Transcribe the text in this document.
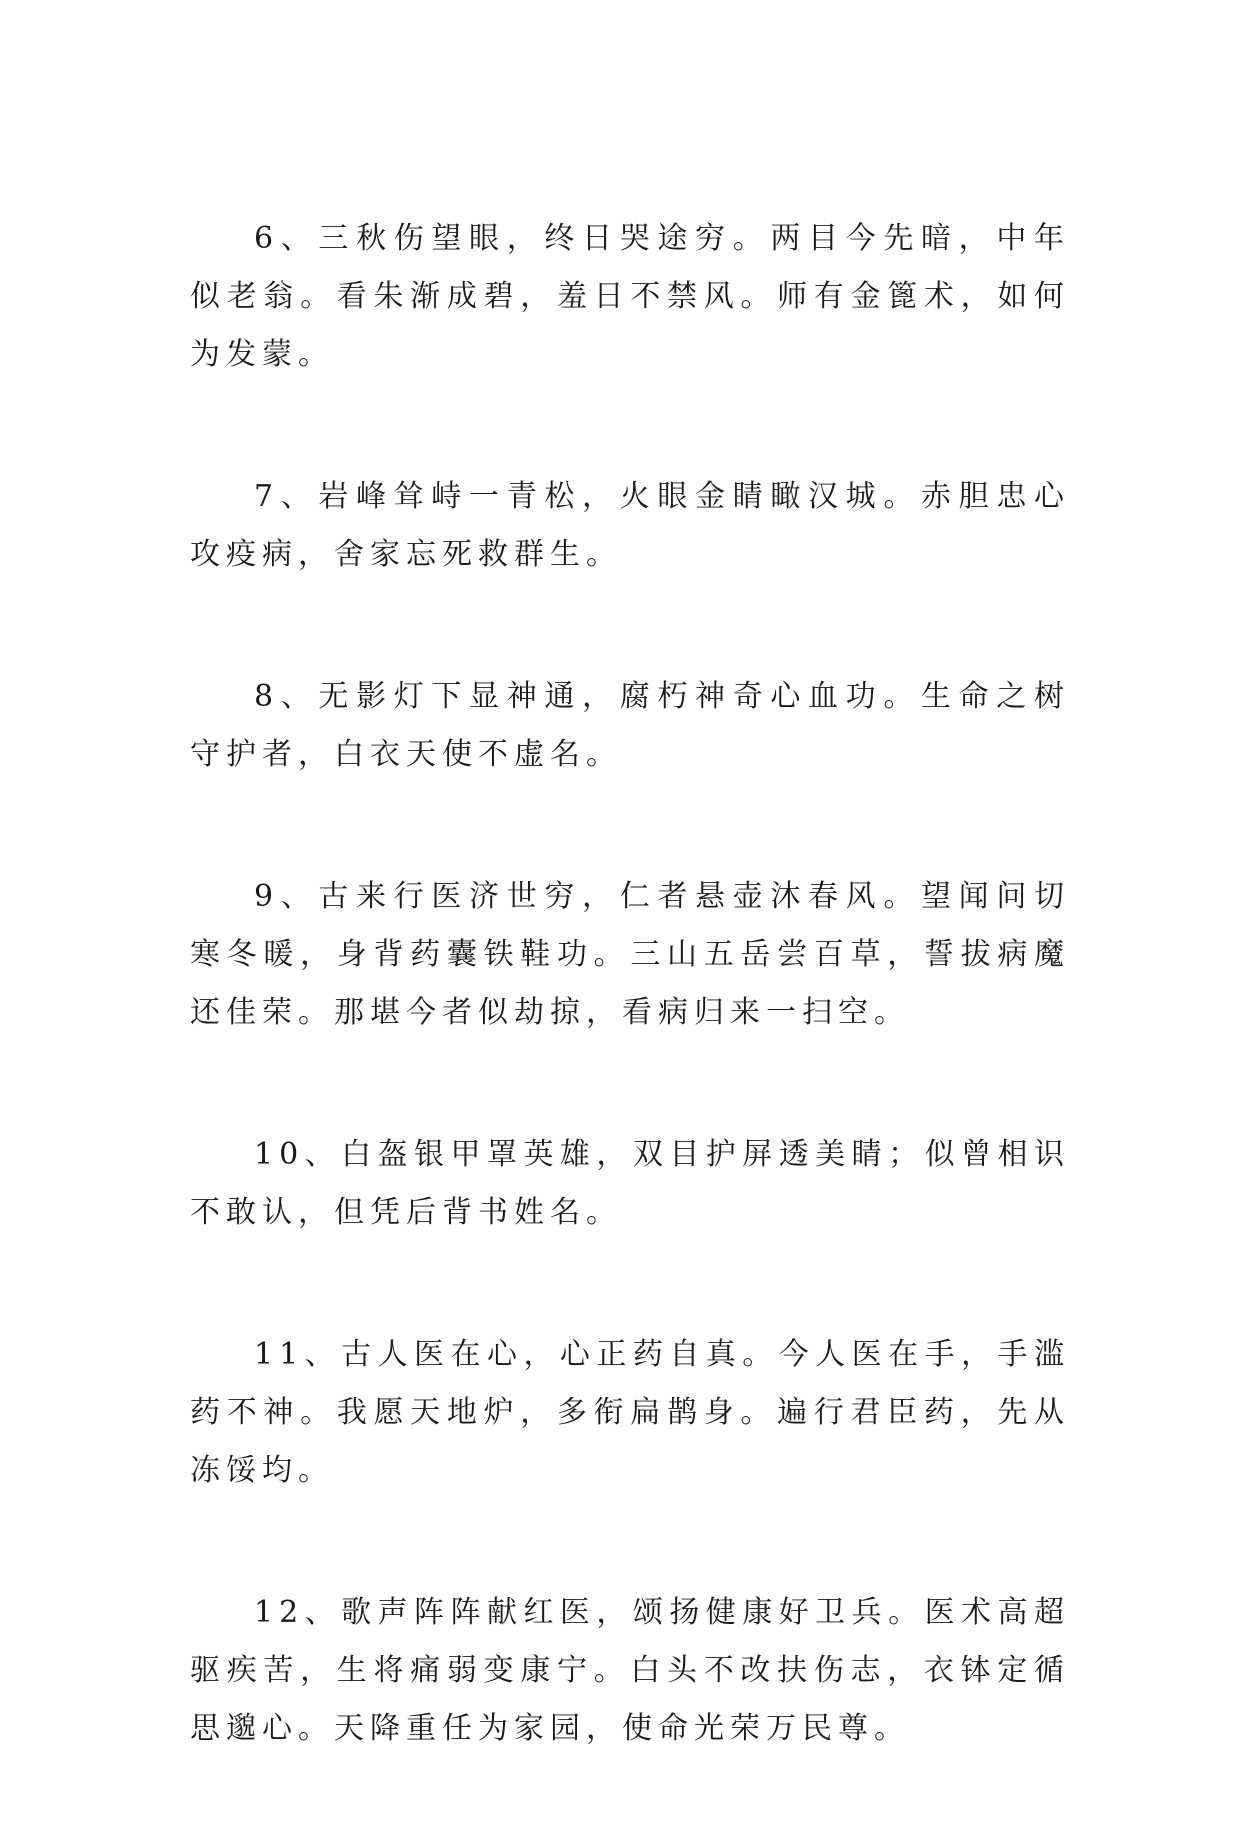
6、三秋伤望眼，终日哭途穷。两目今先暗，中年似老翁。看朱渐成碧，羞日不禁风。师有金篦术，如何为发蒙。

7、岩峰耸峙一青松，火眼金睛瞰汉城。赤胆忠心攻疫病，舍家忘死救群生。

8、无影灯下显神通，腐朽神奇心血功。生命之树守护者，白衣天使不虚名。

9、古来行医济世穷，仁者悬壶沐春风。望闻问切寒冬暖，身背药囊铁鞋功。三山五岳尝百草，誓拔病魔还佳荣。那堪今者似劫掠，看病归来一扫空。

10、白盔银甲罩英雄，双目护屏透美睛；似曾相识不敢认，但凭后背书姓名。

11、古人医在心，心正药自真。今人医在手，手滥药不神。我愿天地炉，多衔扁鹊身。遍行君臣药，先从冻馁均。

12、歌声阵阵献红医，颂扬健康好卫兵。医术高超驱疾苦，生将痛弱变康宁。白头不改扶伤志，衣钵定循思邈心。天降重任为家园，使命光荣万民尊。
